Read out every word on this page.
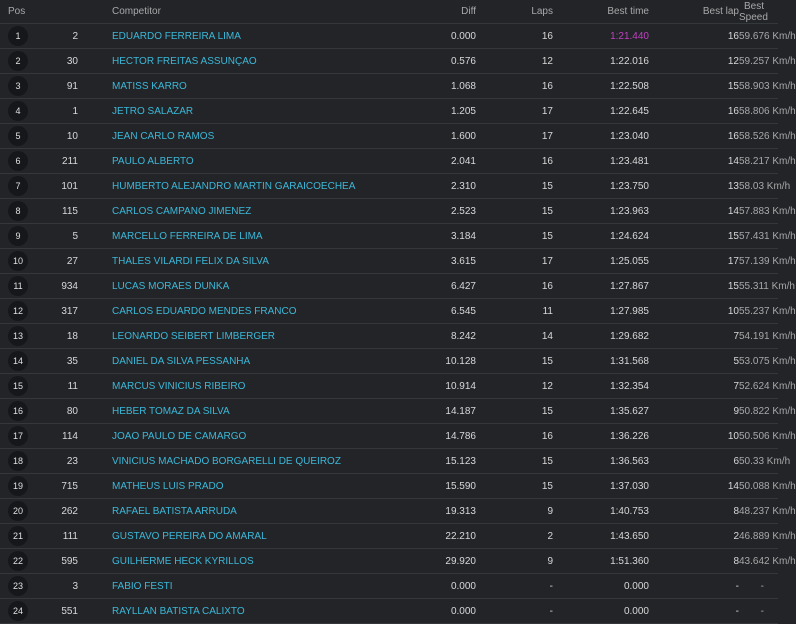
Pos		Competitor	Diff	Laps	Best time	Best lap	Best Speed
1	2	EDUARDO FERREIRA LIMA	0.000	16	1:21.440	16	59.676 Km/h
2	30	HECTOR FREITAS ASSUNÇAO	0.576	12	1:22.016	12	59.257 Km/h
3	91	MATISS KARRO	1.068	16	1:22.508	15	58.903 Km/h
4	1	JETRO SALAZAR	1.205	17	1:22.645	16	58.806 Km/h
5	10	JEAN CARLO RAMOS	1.600	17	1:23.040	16	58.526 Km/h
6	211	PAULO ALBERTO	2.041	16	1:23.481	14	58.217 Km/h
7	101	HUMBERTO ALEJANDRO MARTIN GARAICOECHEA	2.310	15	1:23.750	13	58.03 Km/h
8	115	CARLOS CAMPANO JIMENEZ	2.523	15	1:23.963	14	57.883 Km/h
9	5	MARCELLO FERREIRA DE LIMA	3.184	15	1:24.624	15	57.431 Km/h
10	27	THALES VILARDI FELIX DA SILVA	3.615	17	1:25.055	17	57.139 Km/h
11	934	LUCAS MORAES DUNKA	6.427	16	1:27.867	15	55.311 Km/h
12	317	CARLOS EDUARDO MENDES FRANCO	6.545	11	1:27.985	10	55.237 Km/h
13	18	LEONARDO SEIBERT LIMBERGER	8.242	14	1:29.682	7	54.191 Km/h
14	35	DANIEL DA SILVA PESSANHA	10.128	15	1:31.568	5	53.075 Km/h
15	11	MARCUS VINICIUS RIBEIRO	10.914	12	1:32.354	7	52.624 Km/h
16	80	HEBER TOMAZ DA SILVA	14.187	15	1:35.627	9	50.822 Km/h
17	114	JOAO PAULO DE CAMARGO	14.786	16	1:36.226	10	50.506 Km/h
18	23	VINICIUS MACHADO BORGARELLI DE QUEIROZ	15.123	15	1:36.563	6	50.33 Km/h
19	715	MATHEUS LUIS PRADO	15.590	15	1:37.030	14	50.088 Km/h
20	262	RAFAEL BATISTA ARRUDA	19.313	9	1:40.753	8	48.237 Km/h
21	111	GUSTAVO PEREIRA DO AMARAL	22.210	2	1:43.650	2	46.889 Km/h
22	595	GUILHERME HECK KYRILLOS	29.920	9	1:51.360	8	43.642 Km/h
23	3	FABIO FESTI	0.000	-	0.000	-	-
24	551	RAYLLAN BATISTA CALIXTO	0.000	-	0.000	-	-
